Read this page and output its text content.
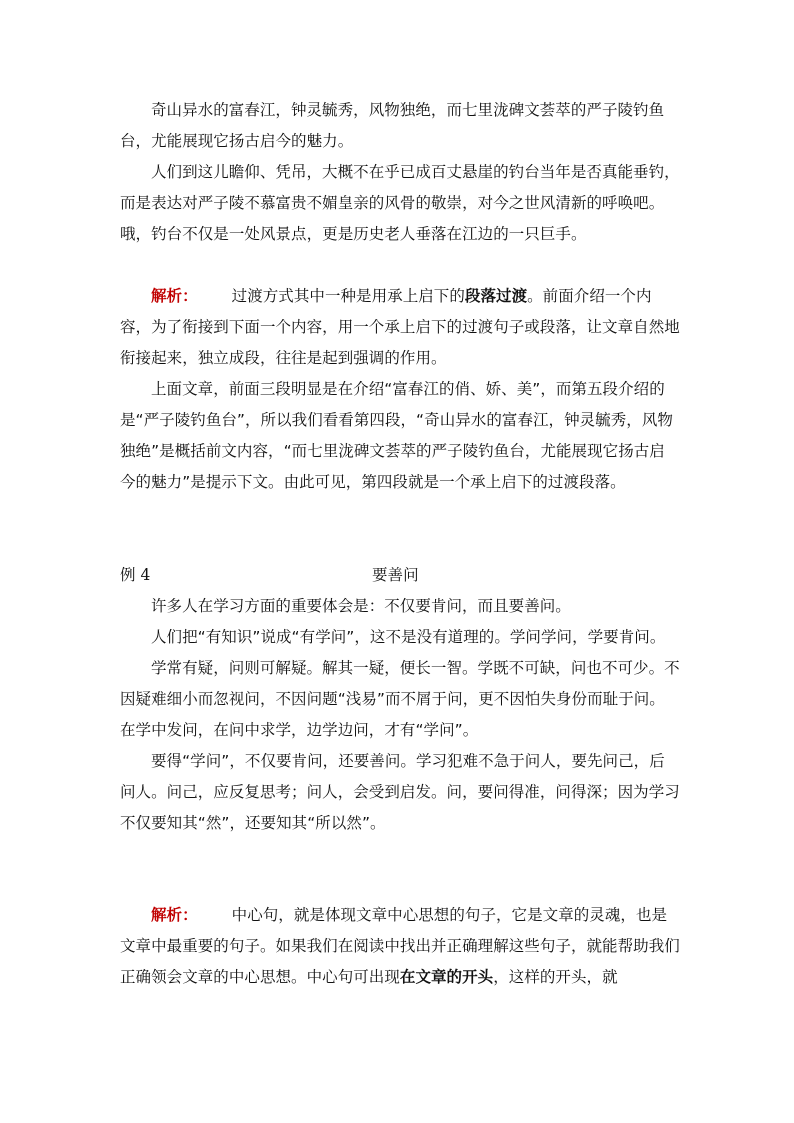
奇山异水的富春江，钟灵毓秀，风物独绝，而七里泷碑文荟萃的严子陵钓鱼台，尤能展现它扬古启今的魅力。

人们到这儿瞻仰、凭吊，大概不在乎已成百丈悬崖的钓台当年是否真能垂钓，而是表达对严子陵不慕富贵不媚皇亲的风骨的敬崇，对今之世风清新的呼唤吧。哦，钓台不仅是一处风景点，更是历史老人垂落在江边的一只巨手。

解析： 过渡方式其中一种是用承上启下的段落过渡。前面介绍一个内容，为了衔接到下面一个内容，用一个承上启下的过渡句子或段落，让文章自然地衔接起来，独立成段，往往是起到强调的作用。

上面文章，前面三段明显是在介绍“富春江的俏、娇、美”，而第五段介绍的是“严子陵钓鱼台”，所以我们看看第四段，“奇山异水的富春江，钟灵毓秀，风物独绝”是概括前文内容，“而七里泷碑文荟萃的严子陵钓鱼台，尤能展现它扬古启今的魅力”是提示下文。由此可见，第四段就是一个承上启下的过渡段落。

例 4	要善问

许多人在学习方面的重要体会是：不仅要肯问，而且要善问。

人们把“有知识”说成“有学问”，这不是没有道理的。学问学问，学要肯问。

学常有疑，问则可解疑。解其一疑，便长一智。学既不可缺，问也不可少。不因疑难细小而忽视问，不因问题“浅易”而不屑于问，更不因怕失身份而耻于问。在学中发问，在问中求学，边学边问，才有“学问”。

要得“学问”，不仅要肯问，还要善问。学习犯难不急于问人，要先问己，后问人。问己，应反复思考；问人，会受到启发。问，要问得准，问得深；因为学习不仅要知其“然”，还要知其“所以然”。

解析： 中心句，就是体现文章中心思想的句子，它是文章的灵魂，也是文章中最重要的句子。如果我们在阅读中找出并正确理解这些句子，就能帮助我们正确领会文章的中心思想。中心句可出现在文章的开头，这样的开头，就
